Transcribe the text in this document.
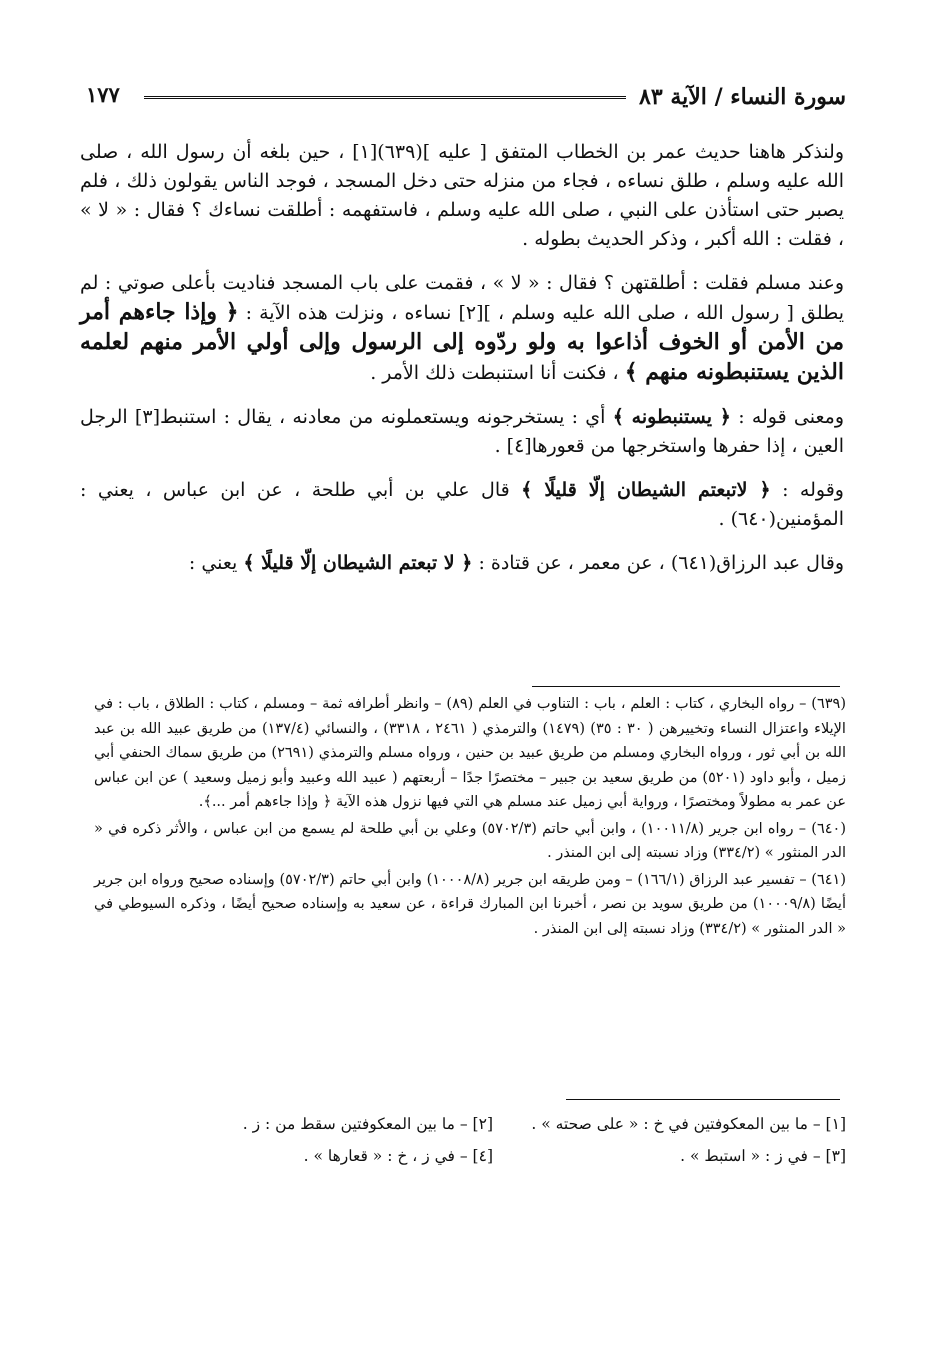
١٧٧	سورة النساء / الآية ٨٣

ولنذكر هاهنا حديث عمر بن الخطاب المتفق [ عليه ](٦٣٩)[١] ، حين بلغه أن رسول الله ، صلى الله عليه وسلم ، طلق نساءه ، فجاء من منزله حتى دخل المسجد ، فوجد الناس يقولون ذلك ، فلم يصبر حتى استأذن على النبي ، صلى الله عليه وسلم ، فاستفهمه : أطلقت نساءك ؟ فقال : « لا » ، فقلت : الله أكبر ، وذكر الحديث بطوله .

وعند مسلم فقلت : أطلقتهن ؟ فقال : « لا » ، فقمت على باب المسجد فناديت بأعلى صوتي : لم يطلق [ رسول الله ، صلى الله عليه وسلم ، ][٢] نساءه ، ونزلت هذه الآية : ﴿ وإذا جاءهم أمر من الأمن أو الخوف أذاعوا به ولو ردّوه إلى الرسول وإلى أولي الأمر منهم لعلمه الذين يستنبطونه منهم ﴾ ، فكنت أنا استنبطت ذلك الأمر .

ومعنى قوله : ﴿ يستنبطونه ﴾ أي : يستخرجونه ويستعملونه من معادنه ، يقال : استنبط[٣] الرجل العين ، إذا حفرها واستخرجها من قعورها[٤] .

وقوله : ﴿ لاتبعتم الشيطان إلّا قليلًا ﴾ قال علي بن أبي طلحة ، عن ابن عباس ، يعني : المؤمنين(٦٤٠) .

وقال عبد الرزاق(٦٤١) ، عن معمر ، عن قتادة : ﴿ لا تبعتم الشيطان إلّا قليلًا ﴾ يعني :

(٦٣٩) – رواه البخاري ، كتاب : العلم ، باب : التناوب في العلم (٨٩) – وانظر أطرافه ثمة – ومسلم ، كتاب : الطلاق ، باب : في الإيلاء واعتزال النساء وتخييرهن ( ٣٠ : ٣٥) (١٤٧٩) والترمذي ( ٢٤٦١ ، ٣٣١٨) ، والنسائي (١٣٧/٤) من طريق عبيد الله بن عبد الله بن أبي ثور ، ورواه البخاري ومسلم من طريق عبيد بن حنين ، ورواه مسلم والترمذي (٢٦٩١) من طريق سماك الحنفي أبي زميل ، وأبو داود (٥٢٠١) من طريق سعيد بن جبير – مختصرًا جدًا – أربعتهم ( عبيد الله وعبيد وأبو زميل وسعيد ) عن ابن عباس عن عمر به مطولاً ومختصرًا ، ورواية أبي زميل عند مسلم هي التي فيها نزول هذه الآية ﴿ وإذا جاءهم أمر ...﴾.

(٦٤٠) – رواه ابن جرير (١٠٠١١/٨) ، وابن أبي حاتم (٥٧٠٢/٣) وعلي بن أبي طلحة لم يسمع من ابن عباس ، والأثر ذكره في « الدر المنثور » (٣٣٤/٢) وزاد نسبته إلى ابن المنذر .

(٦٤١) – تفسير عبد الرزاق (١٦٦/١) – ومن طريقه ابن جرير (١٠٠٠٨/٨) وابن أبي حاتم (٥٧٠٢/٣) وإسناده صحيح ورواه ابن جرير أيضًا (١٠٠٠٩/٨) من طريق سويد بن نصر ، أخبرنا ابن المبارك قراءة ، عن سعيد به وإسناده صحيح أيضًا ، وذكره السيوطي في « الدر المنثور » (٣٣٤/٢) وزاد نسبته إلى ابن المنذر .

[١] – ما بين المعكوفتين في خ : « على صحته » .
[٢] – ما بين المعكوفتين سقط من : ز .
[٣] – في ز : « استبط » .
[٤] – في ز ، خ : « قعارها » .
